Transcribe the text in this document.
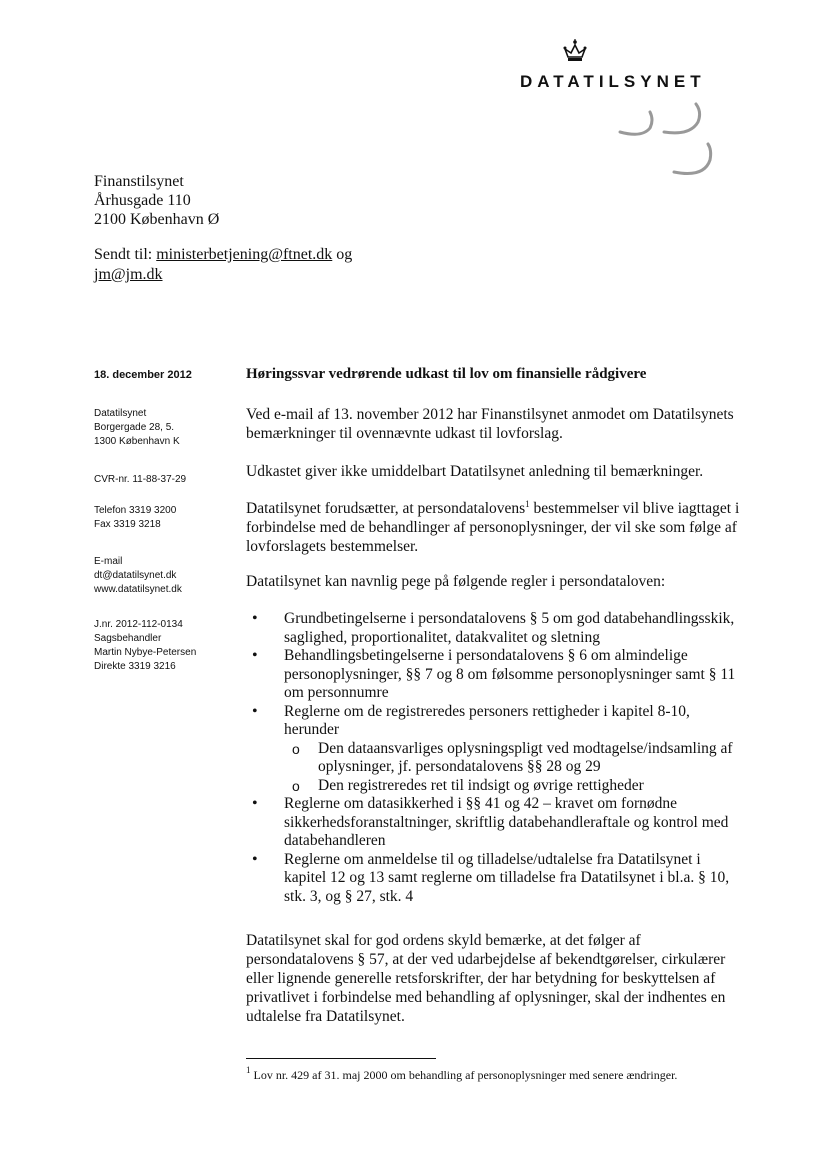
DATATILSYNET
Finanstilsynet
Århusgade 110
2100 København Ø
Sendt til: ministerbetjening@ftnet.dk og
jm@jm.dk
18. december 2012
Datatilsynet
Borgergade 28, 5.
1300 København K
CVR-nr. 11-88-37-29
Telefon 3319 3200
Fax 3319 3218
E-mail
dt@datatilsynet.dk
www.datatilsynet.dk
J.nr. 2012-112-0134
Sagsbehandler
Martin Nybye-Petersen
Direkte 3319 3216
Høringssvar vedrørende udkast til lov om finansielle rådgivere

Ved e-mail af 13. november 2012 har Finanstilsynet anmodet om Datatilsynets bemærkninger til ovennævnte udkast til lovforslag.

Udkastet giver ikke umiddelbart Datatilsynet anledning til bemærkninger.

Datatilsynet forudsætter, at persondatalovens$^1$ bestemmelser vil blive iagttaget i forbindelse med de behandlinger af personoplysninger, der vil ske som følge af lovforslagets bestemmelser.

Datatilsynet kan navnlig pege på følgende regler i persondataloven:

• Grundbetingelserne i persondatalovens § 5 om god databehandlingsskik, saglighed, proportionalitet, datakvalitet og sletning
• Behandlingsbetingelserne i persondatalovens § 6 om almindelige personoplysninger, §§ 7 og 8 om følsomme personoplysninger samt § 11 om personnumre
• Reglerne om de registreredes personers rettigheder i kapitel 8-10, herunder
o Den dataansvarliges oplysningspligt ved modtagelse/indsamling af oplysninger, jf. persondatalovens §§ 28 og 29
o Den registreredes ret til indsigt og øvrige rettigheder
• Reglerne om datasikkerhed i §§ 41 og 42 – kravet om fornødne sikkerhedsforanstaltninger, skriftlig databehandleraftale og kontrol med databehandleren
• Reglerne om anmeldelse til og tilladelse/udtalelse fra Datatilsynet i kapitel 12 og 13 samt reglerne om tilladelse fra Datatilsynet i bl.a. § 10, stk. 3, og § 27, stk. 4

Datatilsynet skal for god ordens skyld bemærke, at det følger af persondatalovens § 57, at der ved udarbejdelse af bekendtgørelser, cirkulærer eller lignende generelle retsforskrifter, der har betydning for beskyttelsen af privatlivet i forbindelse med behandling af oplysninger, skal der indhentes en udtalelse fra Datatilsynet.

$^1$ Lov nr. 429 af 31. maj 2000 om behandling af personoplysninger med senere ændringer.
